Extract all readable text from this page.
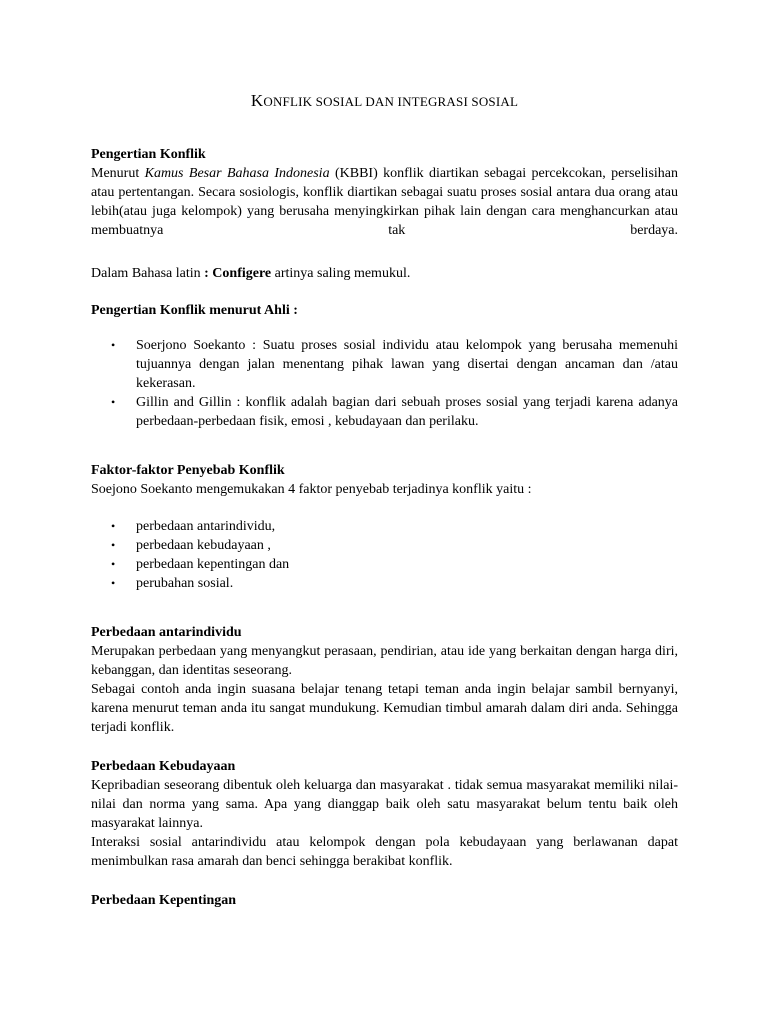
KONFLIK SOSIAL DAN INTEGRASI SOSIAL
Pengertian Konflik

Menurut Kamus Besar Bahasa Indonesia (KBBI) konflik diartikan sebagai percekcokan, perselisihan atau pertentangan. Secara sosiologis, konflik diartikan sebagai suatu proses sosial antara dua orang atau lebih(atau juga kelompok) yang berusaha menyingkirkan pihak lain dengan cara menghancurkan atau membuatnya tak berdaya.

Dalam Bahasa latin : Configere artinya saling memukul.

Pengertian Konflik menurut Ahli :
• Soerjono Soekanto : Suatu proses sosial individu atau kelompok yang berusaha memenuhi tujuannya dengan jalan menentang pihak lawan yang disertai dengan ancaman dan /atau kekerasan.
• Gillin and Gillin : konflik adalah bagian dari sebuah proses sosial yang terjadi karena adanya perbedaan-perbedaan fisik, emosi , kebudayaan dan perilaku.
Faktor-faktor Penyebab Konflik

Soejono Soekanto mengemukakan 4 faktor penyebab terjadinya konflik yaitu :

• perbedaan antarindividu,
• perbedaan kebudayaan ,
• perbedaan kepentingan dan
• perubahan sosial.
Perbedaan antarindividu

Merupakan perbedaan yang menyangkut perasaan, pendirian, atau ide yang berkaitan dengan harga diri, kebanggan, dan identitas seseorang.

Sebagai contoh anda ingin suasana belajar tenang tetapi teman anda ingin belajar sambil bernyanyi, karena menurut teman anda itu sangat mundukung. Kemudian timbul amarah dalam diri anda. Sehingga terjadi konflik.

Perbedaan Kebudayaan

Kepribadian seseorang dibentuk oleh keluarga dan masyarakat . tidak semua masyarakat memiliki nilai-nilai dan norma yang sama. Apa yang dianggap baik oleh satu masyarakat belum tentu baik oleh masyarakat lainnya.

Interaksi sosial antarindividu atau kelompok dengan pola kebudayaan yang berlawanan dapat menimbulkan rasa amarah dan benci sehingga berakibat konflik.

Perbedaan Kepentingan
